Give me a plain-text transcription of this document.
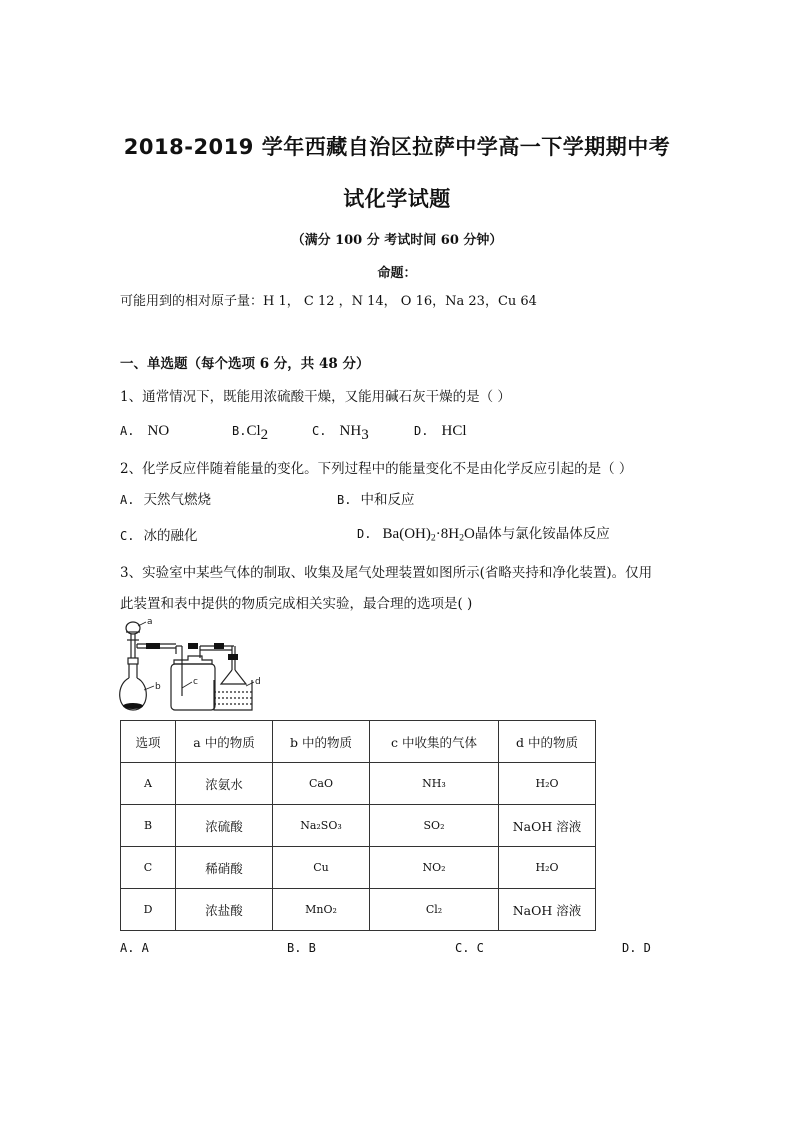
2018-2019 学年西藏自治区拉萨中学高一下学期期中考
试化学试题
（满分 100 分 考试时间 60 分钟）
命题：
可能用到的相对原子量：H 1， C 12 ，N 14， O 16，Na 23，Cu 64
一、单选题（每个选项 6 分，共 48 分）
1、通常情况下，既能用浓硫酸干燥，又能用碱石灰干燥的是（ ）
A. NO	$B.Cl_2$	C. $NH_3$	D. HCl
2、化学反应伴随着能量的变化。下列过程中的能量变化不是由化学反应引起的是（ ）
A. 天然气燃烧	B. 中和反应
C. 冰的融化	D. $Ba(OH)_2\cdot 8H_2O$晶体与氯化铵晶体反应
3、实验室中某些气体的制取、收集及尾气处理装置如图所示(省略夹持和净化装置)。仅用
此装置和表中提供的物质完成相关实验，最合理的选项是( )
a
b	c	d
选项	a 中的物质	b 中的物质	c 中收集的气体	d 中的物质
A	浓氨水	CaO	NH₃	H₂O
B	浓硫酸	Na₂SO₃	SO₂	NaOH 溶液
C	稀硝酸	Cu	NO₂	H₂O
D	浓盐酸	MnO₂	Cl₂	NaOH 溶液
A. A	B. B	C. C	D. D
